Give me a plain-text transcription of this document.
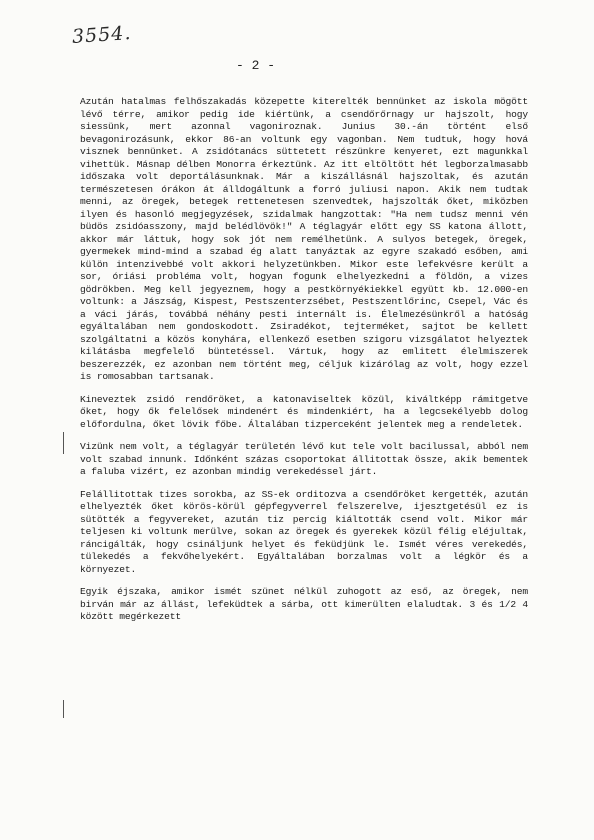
3554.
- 2 -

Azután hatalmas felhőszakadás közepette kiterelték bennünket az iskola mögött lévő térre, amikor pedig ide kiértünk, a csendőrőrnagy ur hajszolt, hogy siessünk, mert azonnal vagoniroznak. Junius 30.-án történt első bevagonirozásunk, ekkor 86-an voltunk egy vagonban. Nem tudtuk, hogy hová visznek bennünket. A zsidótanács süttetett részünkre kenyeret, ezt magunkkal vihettük. Másnap délben Monorra érkeztünk. Az itt eltöltött hét legborzalmasabb időszaka volt deportálásunknak. Már a kiszállásnál hajszoltak, és azután természetesen órákon át álldogáltunk a forró juliusi napon. Akik nem tudtak menni, az öregek, betegek rettenetesen szenvedtek, hajszolták őket, miközben ilyen és hasonló megjegyzések, szidalmak hangzottak: "Ha nem tudsz menni vén büdös zsidóasszony, majd belédlövök!" A téglagyár előtt egy SS katona állott, akkor már láttuk, hogy sok jót nem remélhetünk. A sulyos betegek, öregek, gyermekek mind-mind a szabad ég alatt tanyáztak az egyre szakadó esőben, ami külön intenzivebbé volt akkori helyzetünkben. Mikor este lefekvésre került a sor, óriási probléma volt, hogyan fogunk elhelyezkedni a földön, a vizes gödrökben. Meg kell jegyeznem, hogy a pestkörnyékiekkel együtt kb. 12.000-en voltunk: a Jászság, Kispest, Pestszenterzsébet, Pestszentlőrinc, Csepel, Vác és a váci járás, továbbá néhány pesti internált is. Élelmezésünkről a hatóság egyáltalában nem gondoskodott. Zsiradékot, tejterméket, sajtot be kellett szolgáltatni a közös konyhára, ellenkező esetben szigoru vizsgálatot helyeztek kilátásba megfelelő büntetéssel. Vártuk, hogy az emlitett élelmiszerek beszerezzék, ez azonban nem történt meg, céljuk kizárólag az volt, hogy ezzel is romosabban tartsanak.

Kineveztek zsidó rendőröket, a katonaviseltek közül, kiváltképp rámitgetve őket, hogy ők felelősek mindenért és mindenkiért, ha a legcsekélyebb dolog előfordulna, őket lövik főbe. Általában tizperceként jelentek meg a rendeletek.

Vizünk nem volt, a téglagyár területén lévő kut tele volt bacilussal, abból nem volt szabad innunk. Időnként százas csoportokat állitottak össze, akik bementek a faluba vizért, ez azonban mindig verekedéssel járt.

Felállitottak tizes sorokba, az SS-ek orditozva a csendőröket kergették, azután elhelyezték őket körös-körül gépfegyverrel felszerelve, ijesztgetésül ez is sütötték a fegyvereket, azután tiz percig kiáltották csend volt. Mikor már teljesen ki voltunk merülve, sokan az öregek és gyerekek közül félig eléjultak, ráncigálták, hogy csináljunk helyet és feküdjünk le. Ismét véres verekedés, tülekedés a fekvőhelyekért. Egyáltalában borzalmas volt a légkör és a környezet.

Egyik éjszaka, amikor ismét szünet nélkül zuhogott az eső, az öregek, nem birván már az állást, lefeküdtek a sárba, ott kimerülten elaludtak. 3 és 1/2 4 között megérkezett
